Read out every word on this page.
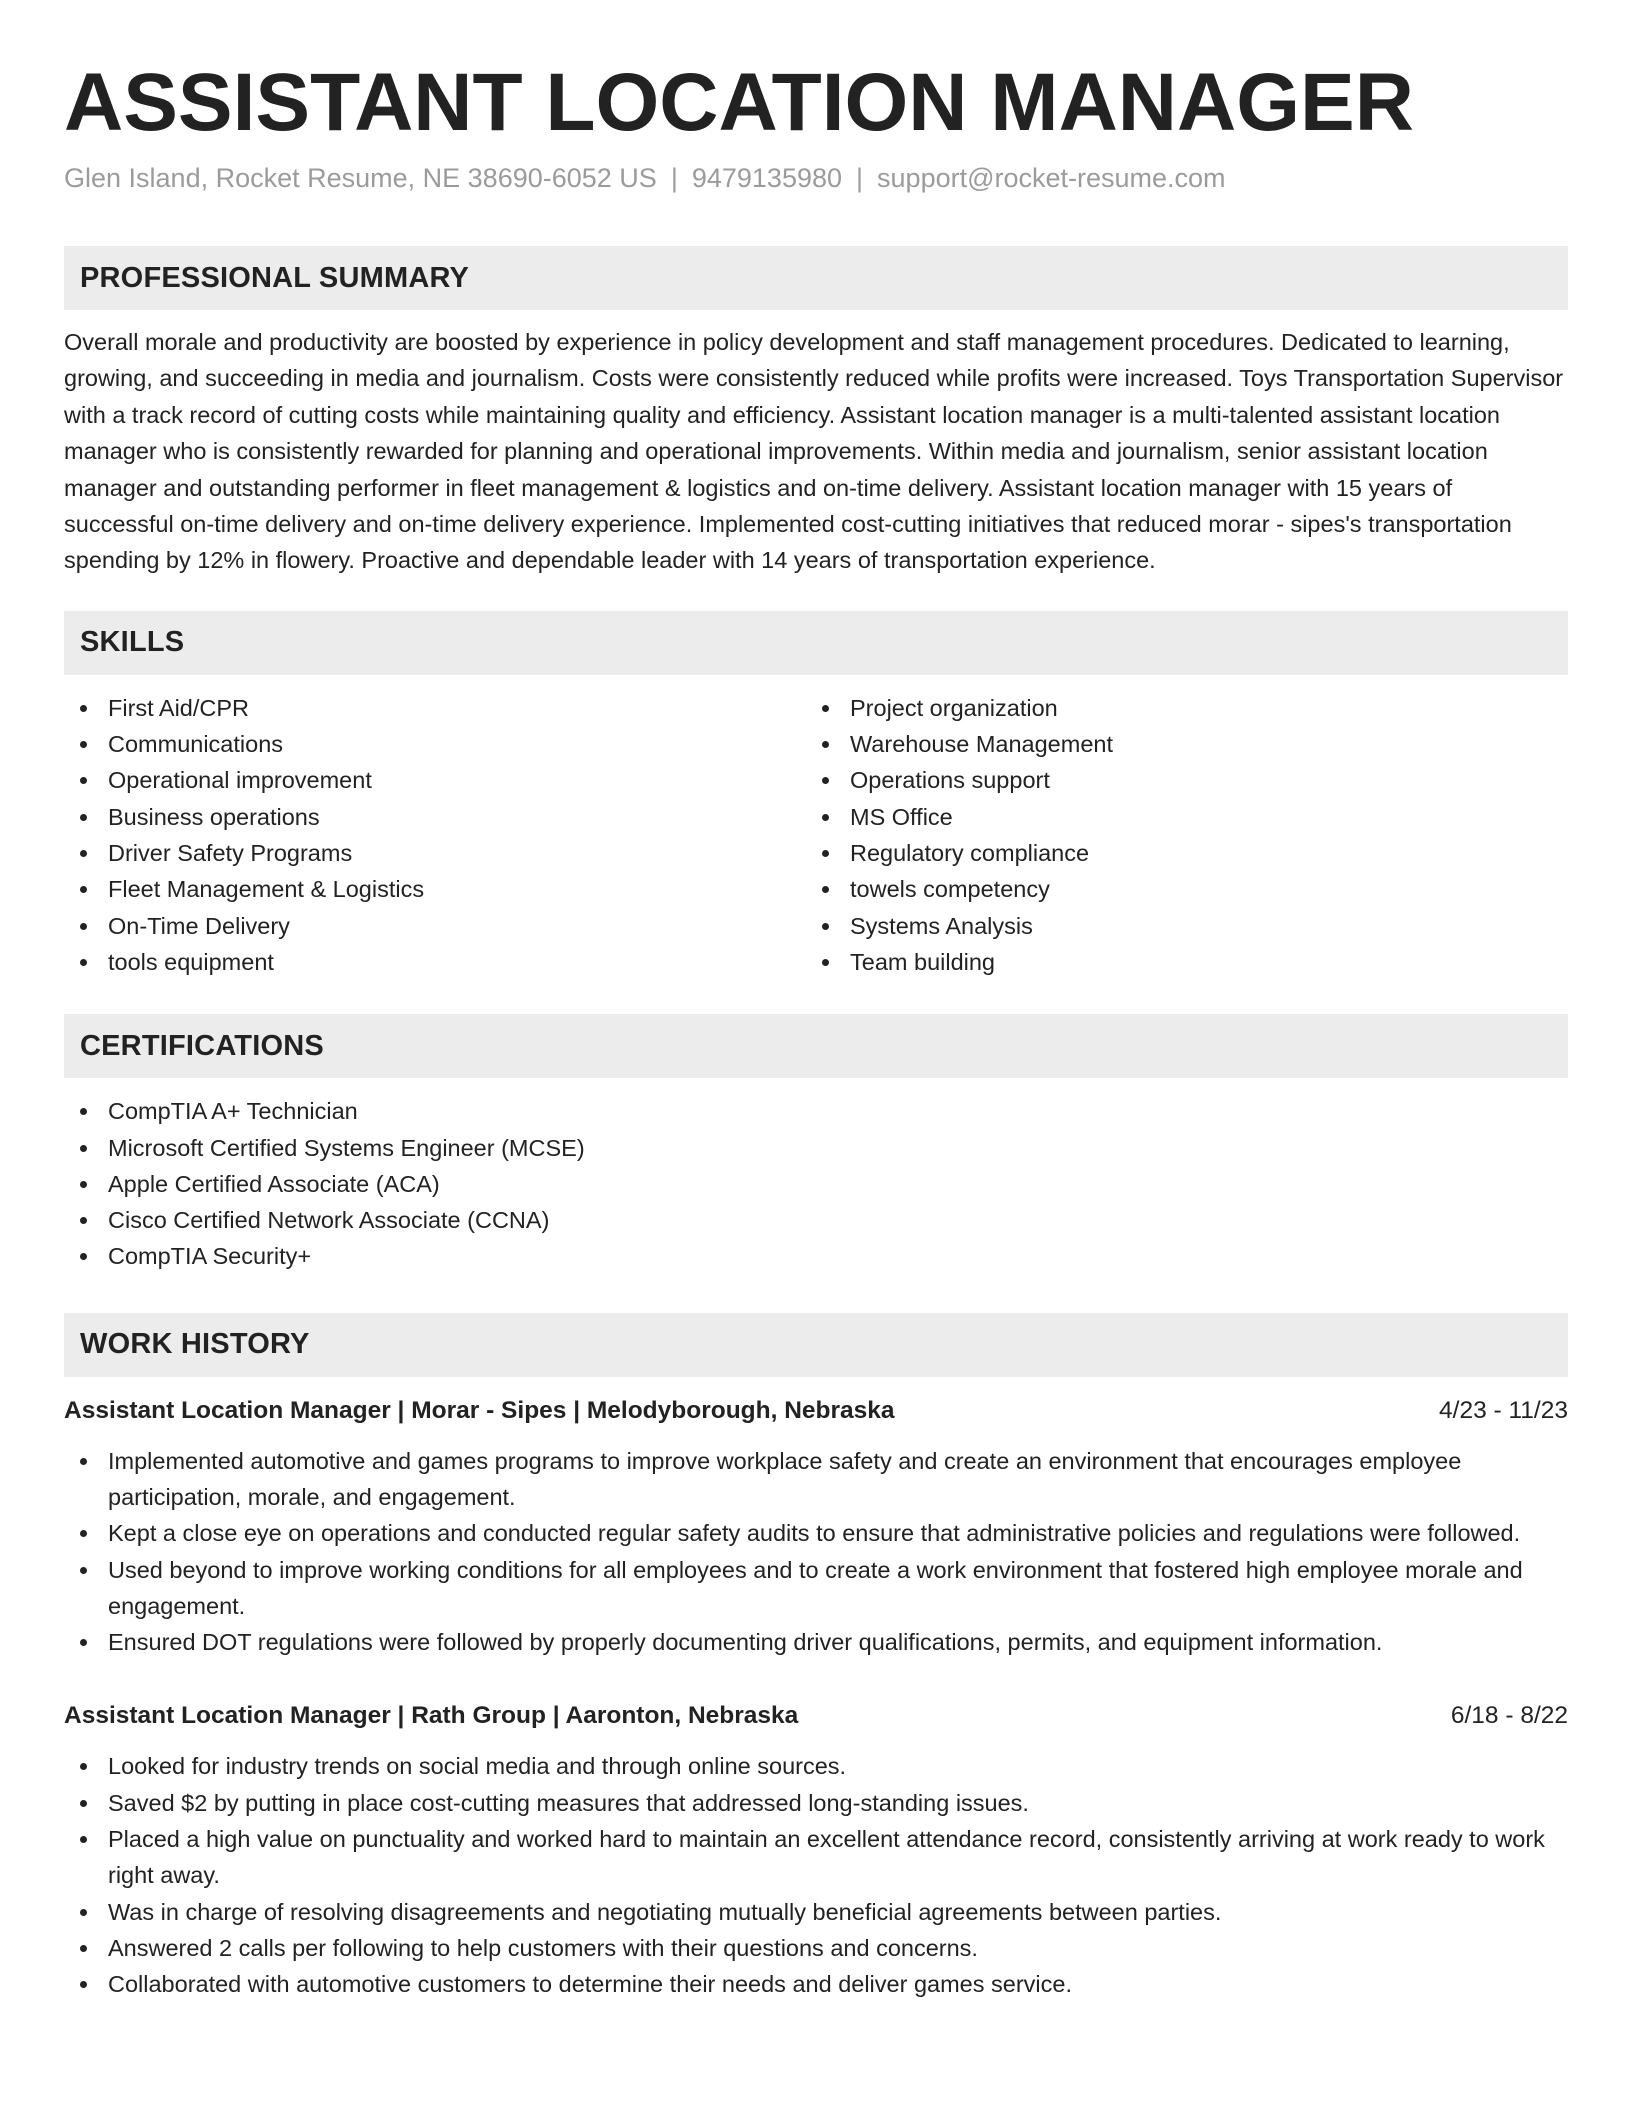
ASSISTANT LOCATION MANAGER
Glen Island, Rocket Resume, NE 38690-6052 US | 9479135980 | support@rocket-resume.com
PROFESSIONAL SUMMARY
Overall morale and productivity are boosted by experience in policy development and staff management procedures. Dedicated to learning, growing, and succeeding in media and journalism. Costs were consistently reduced while profits were increased. Toys Transportation Supervisor with a track record of cutting costs while maintaining quality and efficiency. Assistant location manager is a multi-talented assistant location manager who is consistently rewarded for planning and operational improvements. Within media and journalism, senior assistant location manager and outstanding performer in fleet management & logistics and on-time delivery. Assistant location manager with 15 years of successful on-time delivery and on-time delivery experience. Implemented cost-cutting initiatives that reduced morar - sipes's transportation spending by 12% in flowery. Proactive and dependable leader with 14 years of transportation experience.
SKILLS
First Aid/CPR
Communications
Operational improvement
Business operations
Driver Safety Programs
Fleet Management & Logistics
On-Time Delivery
tools equipment
Project organization
Warehouse Management
Operations support
MS Office
Regulatory compliance
towels competency
Systems Analysis
Team building
CERTIFICATIONS
CompTIA A+ Technician
Microsoft Certified Systems Engineer (MCSE)
Apple Certified Associate (ACA)
Cisco Certified Network Associate (CCNA)
CompTIA Security+
WORK HISTORY
Assistant Location Manager | Morar - Sipes | Melodyborough, Nebraska	4/23 - 11/23
Implemented automotive and games programs to improve workplace safety and create an environment that encourages employee participation, morale, and engagement.
Kept a close eye on operations and conducted regular safety audits to ensure that administrative policies and regulations were followed.
Used beyond to improve working conditions for all employees and to create a work environment that fostered high employee morale and engagement.
Ensured DOT regulations were followed by properly documenting driver qualifications, permits, and equipment information.
Assistant Location Manager | Rath Group | Aaronton, Nebraska	6/18 - 8/22
Looked for industry trends on social media and through online sources.
Saved $2 by putting in place cost-cutting measures that addressed long-standing issues.
Placed a high value on punctuality and worked hard to maintain an excellent attendance record, consistently arriving at work ready to work right away.
Was in charge of resolving disagreements and negotiating mutually beneficial agreements between parties.
Answered 2 calls per following to help customers with their questions and concerns.
Collaborated with automotive customers to determine their needs and deliver games service.
